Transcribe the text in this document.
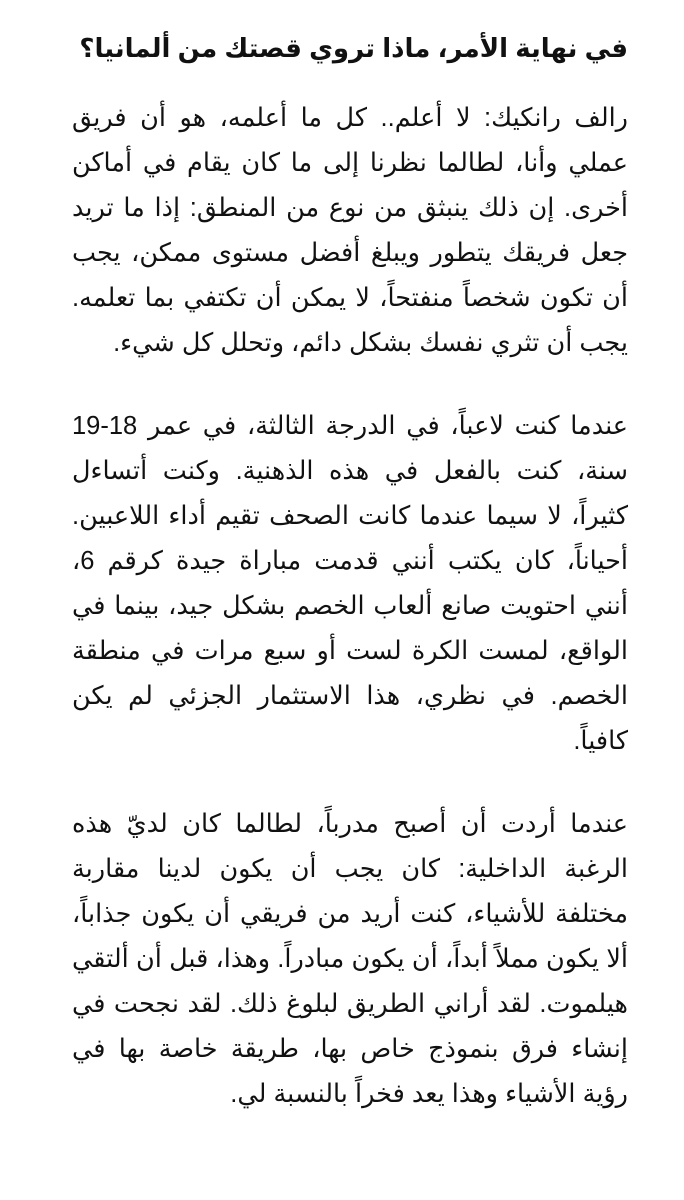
في نهاية الأمر، ماذا تروي قصتك من ألمانيا؟

رالف رانكيك: لا أعلم.. كل ما أعلمه، هو أن فريق عملي وأنا، لطالما نظرنا إلى ما كان يقام في أماكن أخرى. إن ذلك ينبثق من نوع من المنطق: إذا ما تريد جعل فريقك يتطور ويبلغ أفضل مستوى ممكن، يجب أن تكون شخصاً منفتحاً، لا يمكن أن تكتفي بما تعلمه. يجب أن تثري نفسك بشكل دائم، وتحلل كل شيء.

عندما كنت لاعباً، في الدرجة الثالثة، في عمر 18-19 سنة، كنت بالفعل في هذه الذهنية. وكنت أتساءل كثيراً، لا سيما عندما كانت الصحف تقيم أداء اللاعبين. أحياناً، كان يكتب أنني قدمت مباراة جيدة كرقم 6، أنني احتويت صانع ألعاب الخصم بشكل جيد، بينما في الواقع، لمست الكرة لست أو سبع مرات في منطقة الخصم. في نظري، هذا الاستثمار الجزئي لم يكن كافياً.

عندما أردت أن أصبح مدرباً، لطالما كان لديّ هذه الرغبة الداخلية: كان يجب أن يكون لدينا مقاربة مختلفة للأشياء، كنت أريد من فريقي أن يكون جذاباً، ألا يكون مملاً أبداً، أن يكون مبادراً. وهذا، قبل أن ألتقي هيلموت. لقد أراني الطريق لبلوغ ذلك. لقد نجحت في إنشاء فرق بنموذج خاص بها، طريقة خاصة بها في رؤية الأشياء وهذا يعد فخراً بالنسبة لي.
